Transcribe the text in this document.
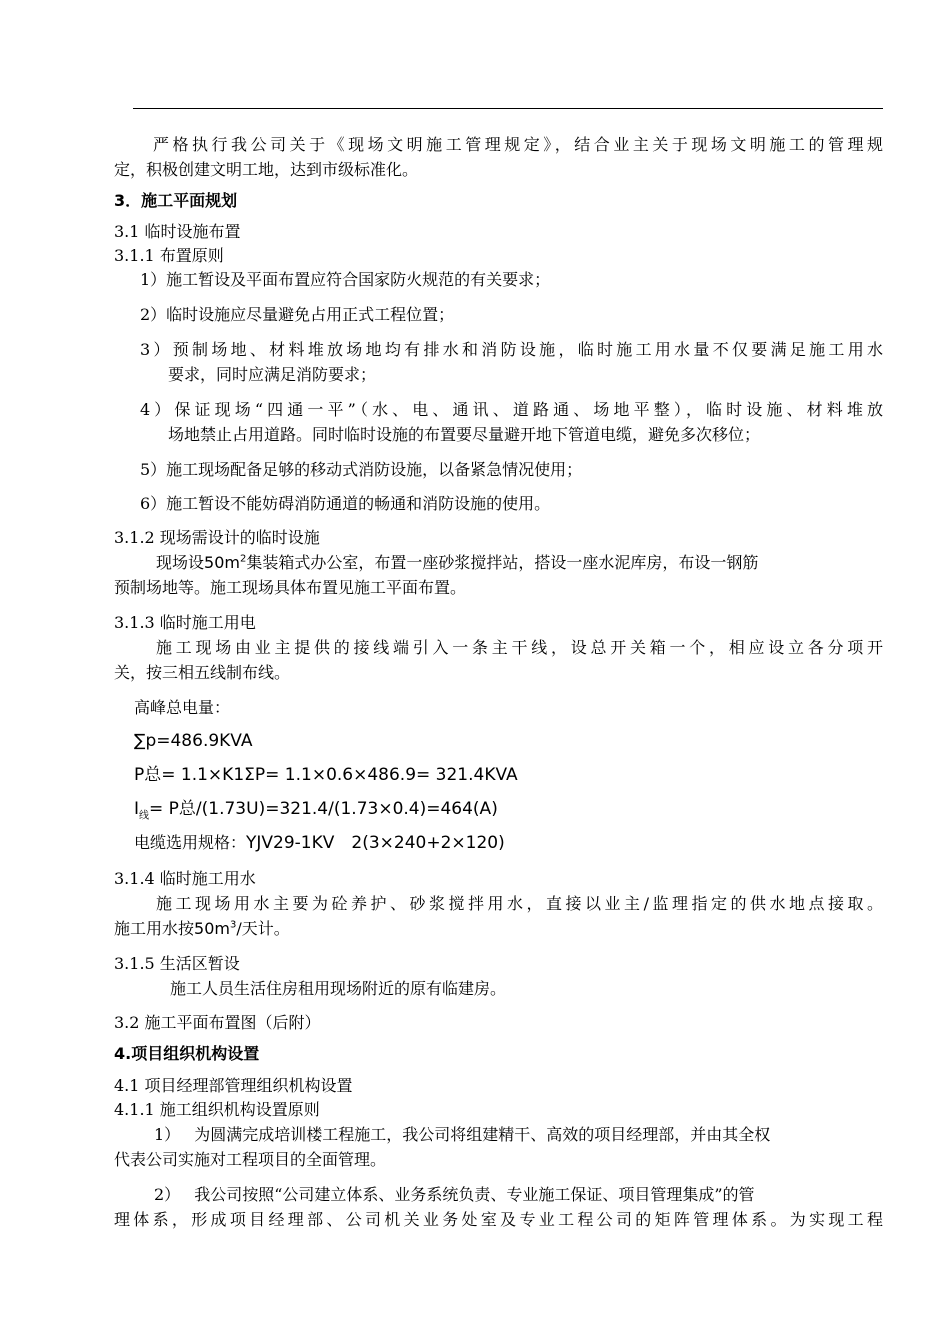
严格执行我公司关于《现场文明施工管理规定》，结合业主关于现场文明施工的管理规
定，积极创建文明工地，达到市级标准化。
3．施工平面规划
3.1 临时设施布置
3.1.1 布置原则
1）施工暂设及平面布置应符合国家防火规范的有关要求；
2）临时设施应尽量避免占用正式工程位置；
3）预制场地、材料堆放场地均有排水和消防设施，临时施工用水量不仅要满足施工用水
要求，同时应满足消防要求；
4）保证现场“四通一平”（水、电、通讯、道路通、场地平整），临时设施、材料堆放
场地禁止占用道路。同时临时设施的布置要尽量避开地下管道电缆，避免多次移位；
5）施工现场配备足够的移动式消防设施，以备紧急情况使用；
6）施工暂设不能妨碍消防通道的畅通和消防设施的使用。
3.1.2 现场需设计的临时设施
现场设$50m^2$集装箱式办公室，布置一座砂浆搅拌站，搭设一座水泥库房，布设一钢筋
预制场地等。施工现场具体布置见施工平面布置。
3.1.3 临时施工用电
施工现场由业主提供的接线端引入一条主干线，设总开关箱一个，相应设立各分项开
关，按三相五线制布线。
高峰总电量：
∑p=486.9KVA
P总= 1.1×K1ΣP= 1.1×0.6×486.9= 321.4KVA
$I_线= P$总/(1.73U)=321.4/(1.73×0.4)=464(A)
电缆选用规格：YJV29-1KV　2(3×240+2×120)
3.1.4 临时施工用水
施工现场用水主要为砼养护、砂浆搅拌用水，直接以业主/监理指定的供水地点接取。
施工用水按$50m^3/$天计。
3.1.5 生活区暂设
施工人员生活住房租用现场附近的原有临建房。
3.2 施工平面布置图（后附）
4.项目组织机构设置
4.1 项目经理部管理组织机构设置
4.1.1 施工组织机构设置原则
1） 为圆满完成培训楼工程施工，我公司将组建精干、高效的项目经理部，并由其全权
代表公司实施对工程项目的全面管理。
2） 我公司按照“公司建立体系、业务系统负责、专业施工保证、项目管理集成”的管
理体系，形成项目经理部、公司机关业务处室及专业工程公司的矩阵管理体系。为实现工程
